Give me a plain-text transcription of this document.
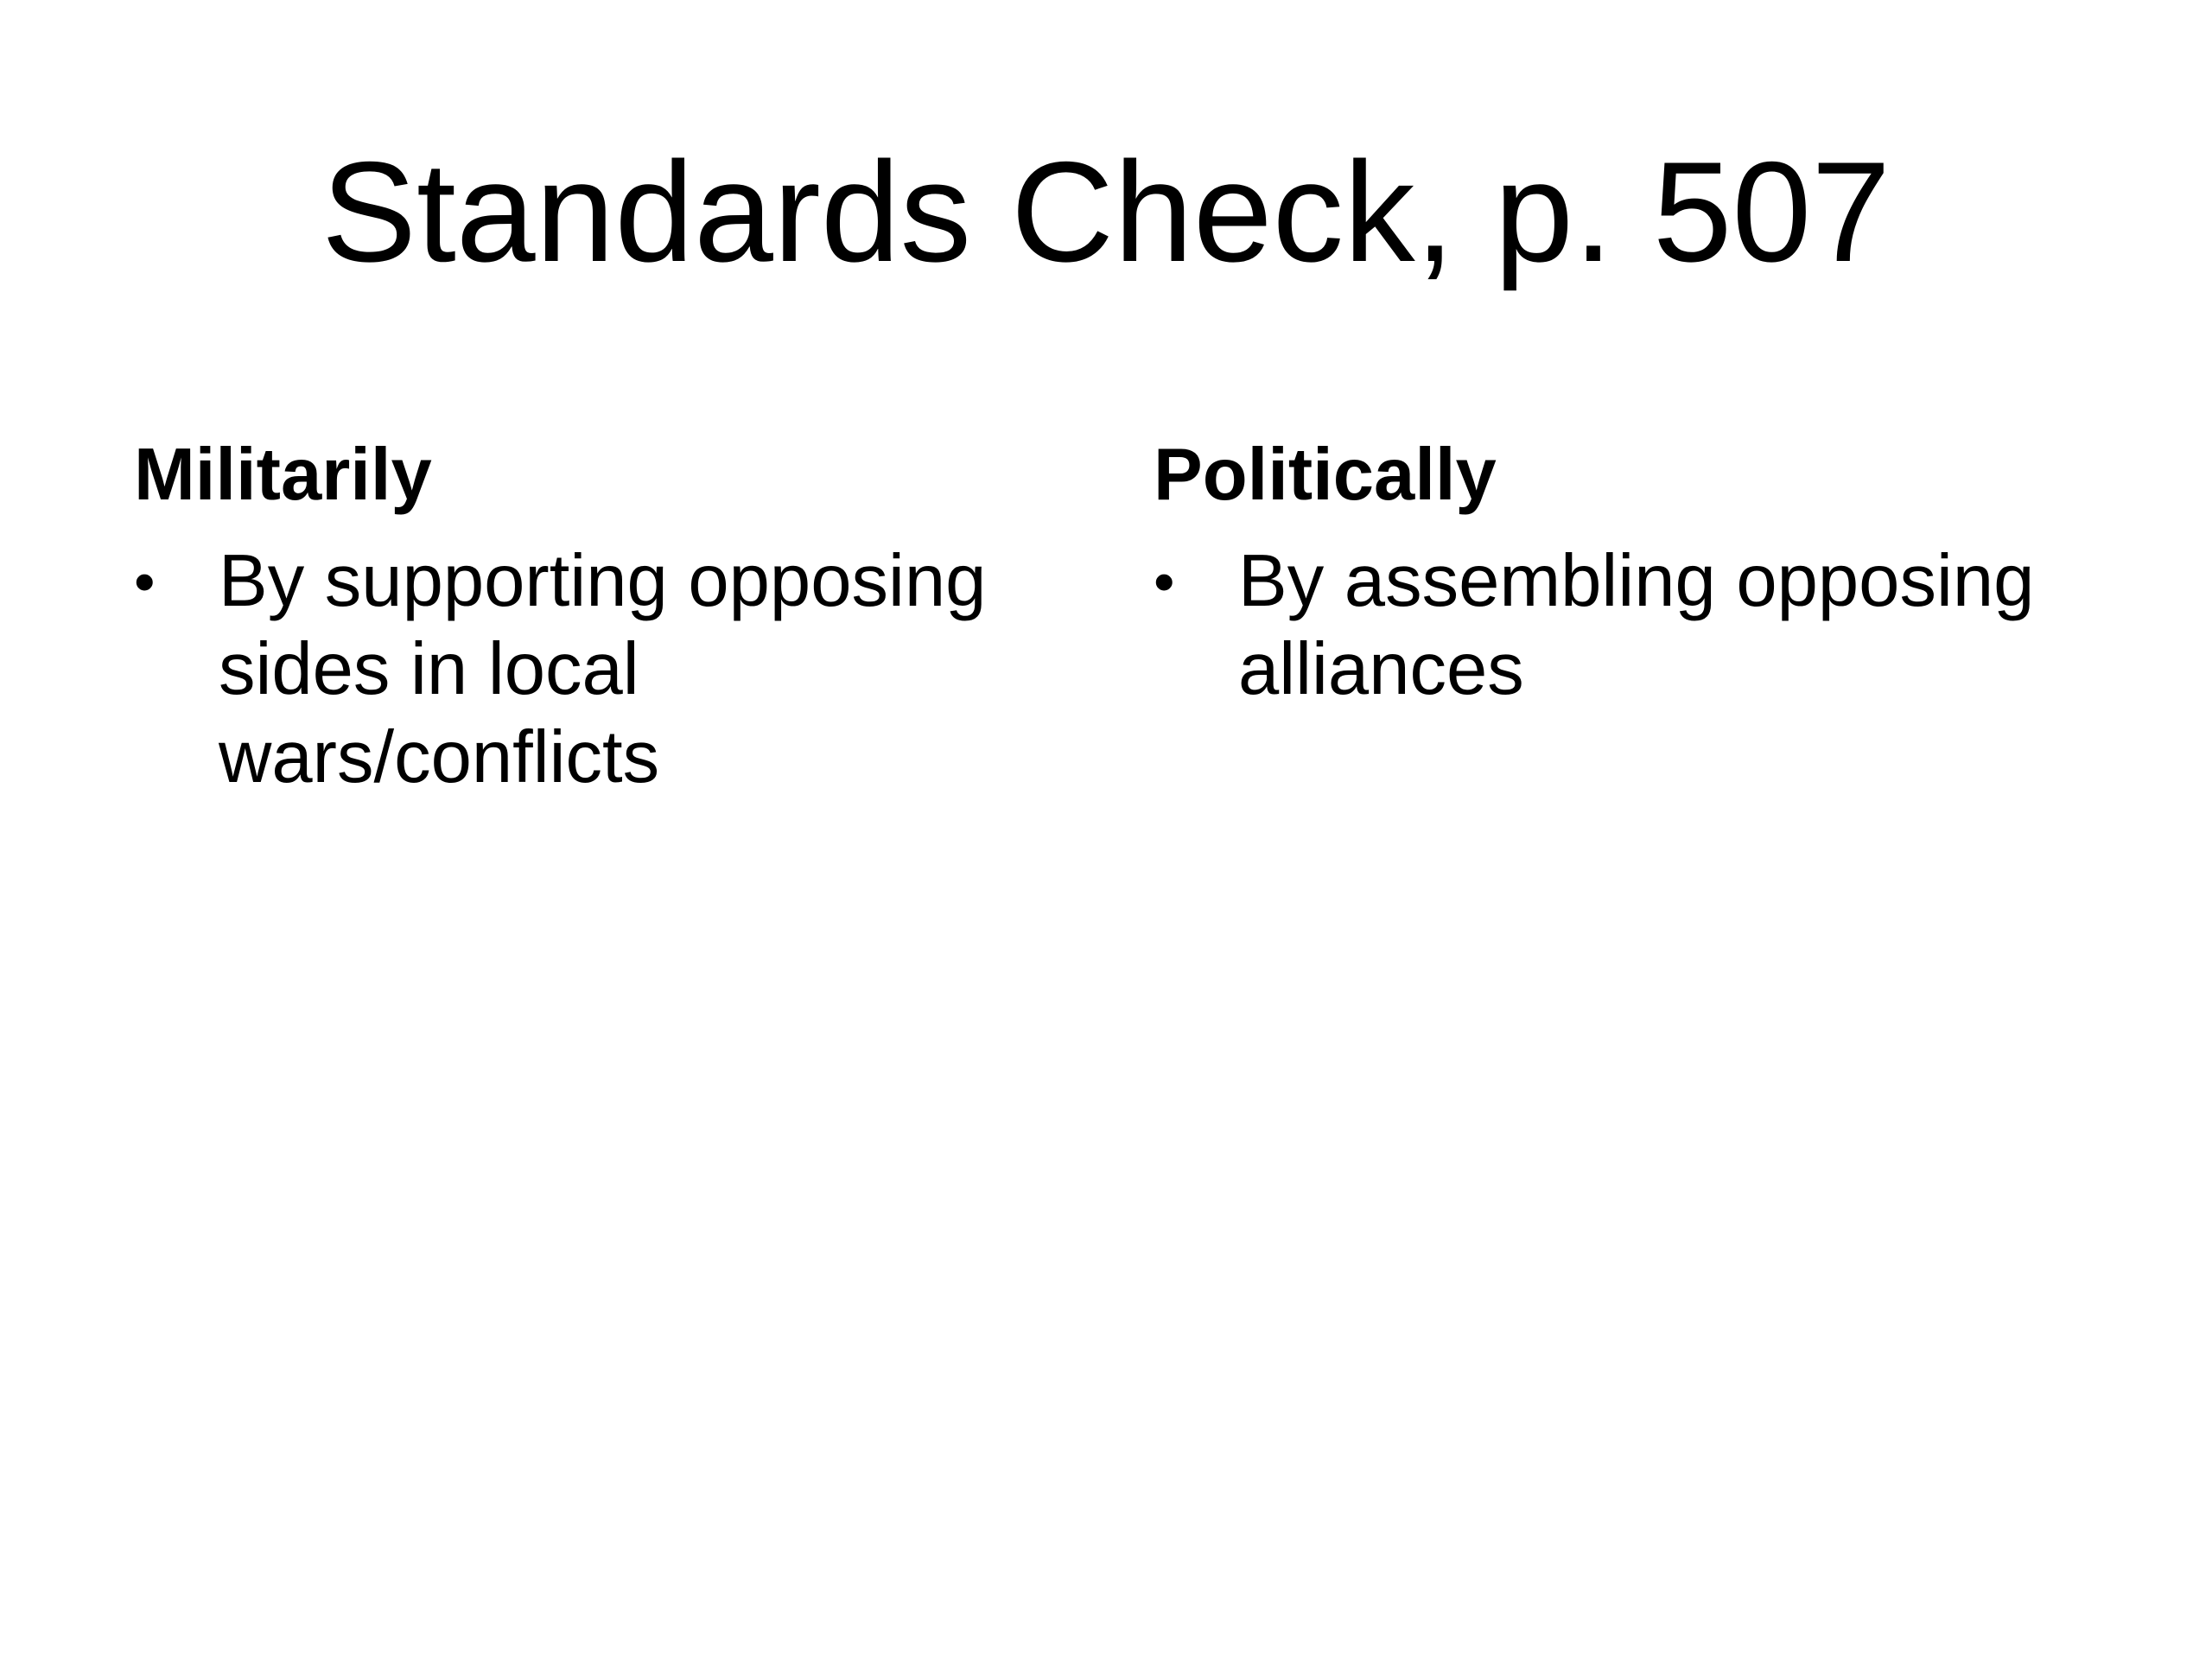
Standards Check, p. 507
Militarily
• By supporting opposing
sides in local
wars/conflicts
Politically
• By assembling opposing
alliances
